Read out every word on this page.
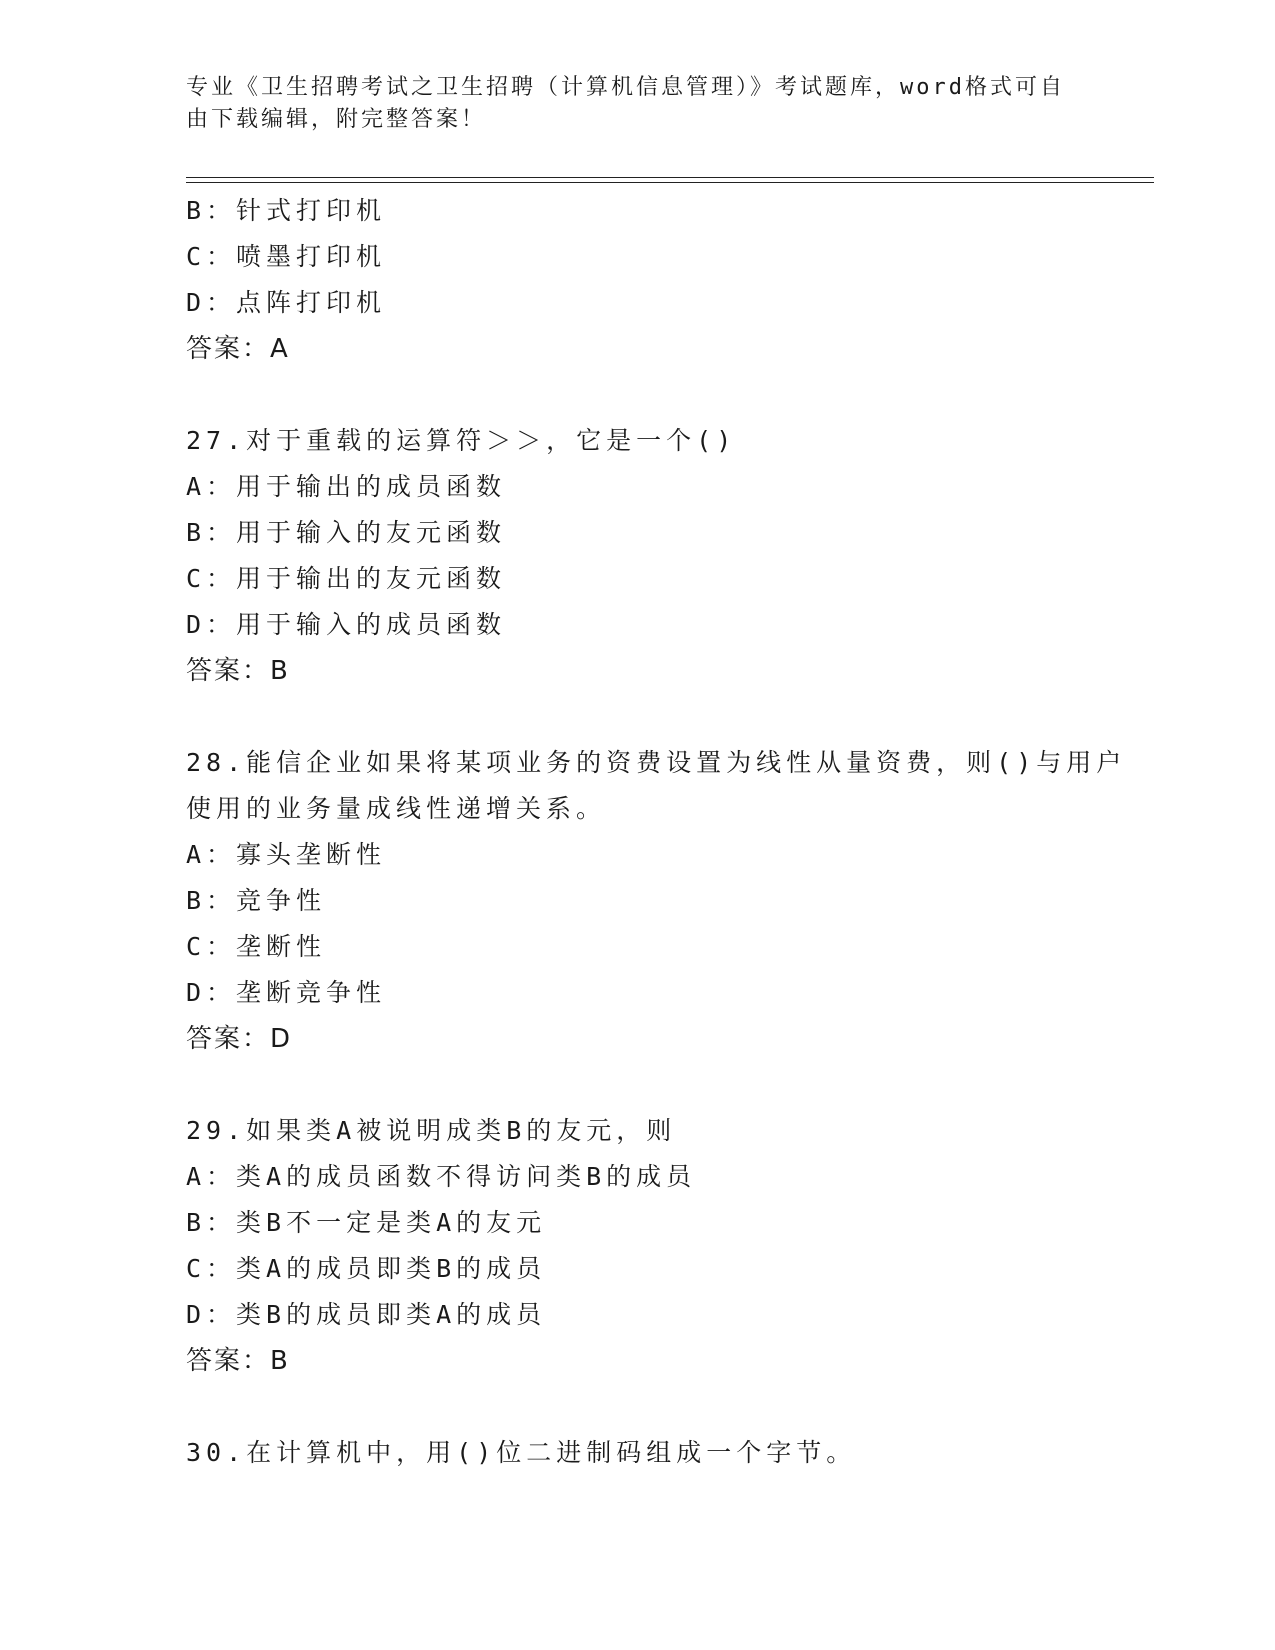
专业《卫生招聘考试之卫生招聘（计算机信息管理）》考试题库，word格式可自
由下载编辑，附完整答案！
B：针式打印机
C：喷墨打印机
D：点阵打印机
答案：A
27.对于重载的运算符＞＞，它是一个()
A：用于输出的成员函数
B：用于输入的友元函数
C：用于输出的友元函数
D：用于输入的成员函数
答案：B
28.能信企业如果将某项业务的资费设置为线性从量资费，则()与用户
使用的业务量成线性递增关系。
A：寡头垄断性
B：竞争性
C：垄断性
D：垄断竞争性
答案：D
29.如果类A被说明成类B的友元，则
A：类A的成员函数不得访问类B的成员
B：类B不一定是类A的友元
C：类A的成员即类B的成员
D：类B的成员即类A的成员
答案：B
30.在计算机中，用()位二进制码组成一个字节。
